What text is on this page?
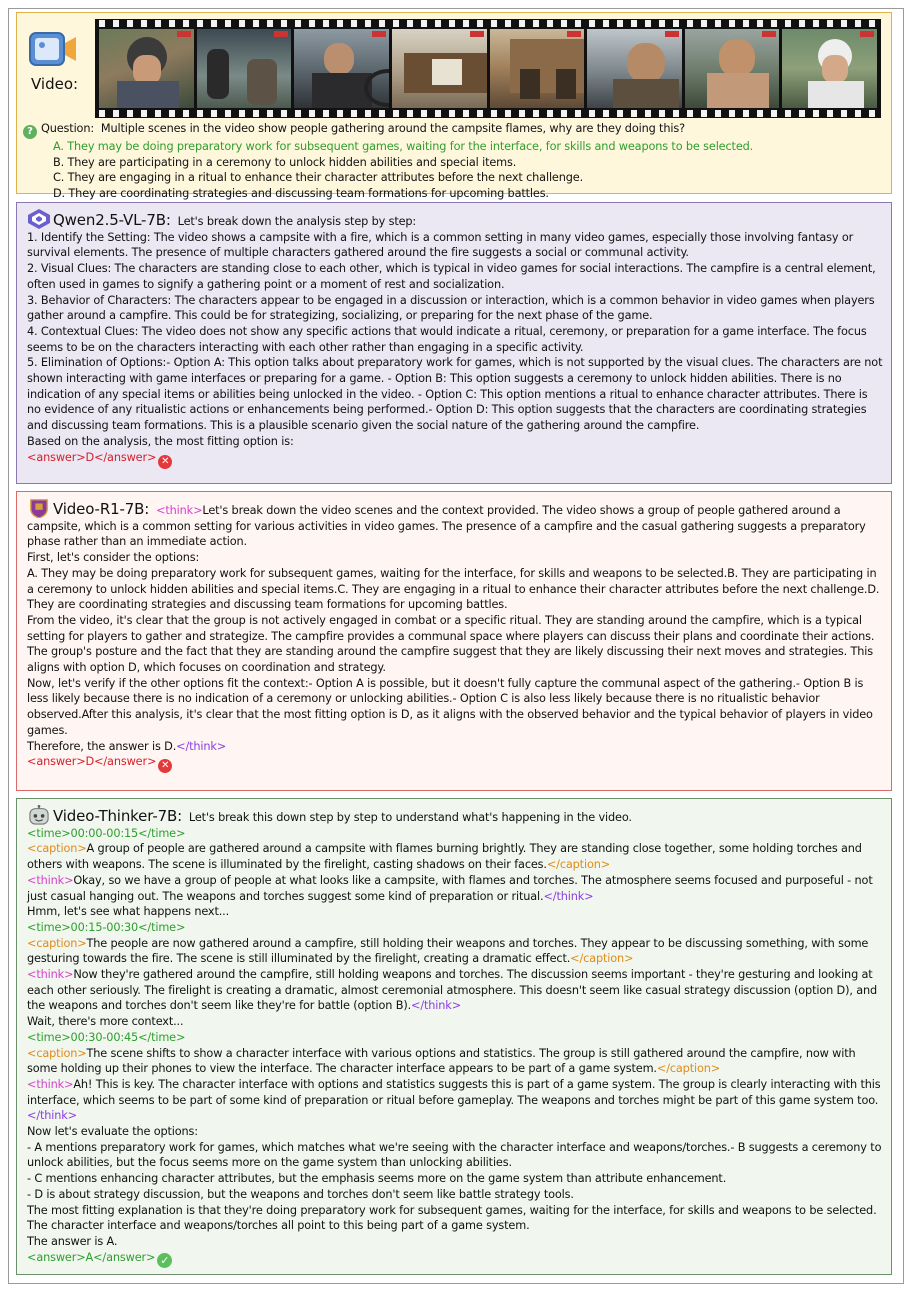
Video:
? Question: Multiple scenes in the video show people gathering around the campsite flames, why are they doing this?
A. They may be doing preparatory work for subsequent games, waiting for the interface, for skills and weapons to be selected.
B. They are participating in a ceremony to unlock hidden abilities and special items.
C. They are engaging in a ritual to enhance their character attributes before the next challenge.
D. They are coordinating strategies and discussing team formations for upcoming battles.
Qwen2.5-VL-7B: Let's break down the analysis step by step:
1. Identify the Setting: The video shows a campsite with a fire, which is a common setting in many video games, especially those involving fantasy or survival elements. The presence of multiple characters gathered around the fire suggests a social or communal activity.
2. Visual Clues: The characters are standing close to each other, which is typical in video games for social interactions. The campfire is a central element, often used in games to signify a gathering point or a moment of rest and socialization.
3. Behavior of Characters: The characters appear to be engaged in a discussion or interaction, which is a common behavior in video games when players gather around a campfire. This could be for strategizing, socializing, or preparing for the next phase of the game.
4. Contextual Clues: The video does not show any specific actions that would indicate a ritual, ceremony, or preparation for a game interface. The focus seems to be on the characters interacting with each other rather than engaging in a specific activity.
5. Elimination of Options:- Option A: This option talks about preparatory work for games, which is not supported by the visual clues. The characters are not shown interacting with game interfaces or preparing for a game. - Option B: This option suggests a ceremony to unlock hidden abilities. There is no indication of any special items or abilities being unlocked in the video. - Option C: This option mentions a ritual to enhance character attributes. There is no evidence of any ritualistic actions or enhancements being performed.- Option D: This option suggests that the characters are coordinating strategies and discussing team formations. This is a plausible scenario given the social nature of the gathering around the campfire.
Based on the analysis, the most fitting option is:
<answer>D</answer> ✕
Video-R1-7B: <think>Let's break down the video scenes and the context provided. The video shows a group of people gathered around a campsite, which is a common setting for various activities in video games. The presence of a campfire and the casual gathering suggests a preparatory phase rather than an immediate action.
First, let's consider the options:
A. They may be doing preparatory work for subsequent games, waiting for the interface, for skills and weapons to be selected.B. They are participating in a ceremony to unlock hidden abilities and special items.C. They are engaging in a ritual to enhance their character attributes before the next challenge.D. They are coordinating strategies and discussing team formations for upcoming battles.
From the video, it's clear that the group is not actively engaged in combat or a specific ritual. They are standing around the campfire, which is a typical setting for players to gather and strategize. The campfire provides a communal space where players can discuss their plans and coordinate their actions.
The group's posture and the fact that they are standing around the campfire suggest that they are likely discussing their next moves and strategies. This aligns with option D, which focuses on coordination and strategy.
Now, let's verify if the other options fit the context:- Option A is possible, but it doesn't fully capture the communal aspect of the gathering.- Option B is less likely because there is no indication of a ceremony or unlocking abilities.- Option C is also less likely because there is no ritualistic behavior observed.After this analysis, it's clear that the most fitting option is D, as it aligns with the observed behavior and the typical behavior of players in video games.
Therefore, the answer is D.</think>
<answer>D</answer> ✕
Video-Thinker-7B: Let's break this down step by step to understand what's happening in the video.
<time>00:00-00:15</time>
<caption>A group of people are gathered around a campsite with flames burning brightly. They are standing close together, some holding torches and others with weapons. The scene is illuminated by the firelight, casting shadows on their faces.</caption>
<think>Okay, so we have a group of people at what looks like a campsite, with flames and torches. The atmosphere seems focused and purposeful - not just casual hanging out. The weapons and torches suggest some kind of preparation or ritual.</think>
Hmm, let's see what happens next...
<time>00:15-00:30</time>
<caption>The people are now gathered around a campfire, still holding their weapons and torches. They appear to be discussing something, with some gesturing towards the fire. The scene is still illuminated by the firelight, creating a dramatic effect.</caption>
<think>Now they're gathered around the campfire, still holding weapons and torches. The discussion seems important - they're gesturing and looking at each other seriously. The firelight is creating a dramatic, almost ceremonial atmosphere. This doesn't seem like casual strategy discussion (option D), and the weapons and torches don't seem like they're for battle (option B).</think>
Wait, there's more context...
<time>00:30-00:45</time>
<caption>The scene shifts to show a character interface with various options and statistics. The group is still gathered around the campfire, now with some holding up their phones to view the interface. The character interface appears to be part of a game system.</caption>
<think>Ah! This is key. The character interface with options and statistics suggests this is part of a game system. The group is clearly interacting with this interface, which seems to be part of some kind of preparation or ritual before gameplay. The weapons and torches might be part of this game system too.</think>
Now let's evaluate the options:
- A mentions preparatory work for games, which matches what we're seeing with the character interface and weapons/torches.- B suggests a ceremony to unlock abilities, but the focus seems more on the game system than unlocking abilities.
- C mentions enhancing character attributes, but the emphasis seems more on the game system than attribute enhancement.
- D is about strategy discussion, but the weapons and torches don't seem like battle strategy tools.
The most fitting explanation is that they're doing preparatory work for subsequent games, waiting for the interface, for skills and weapons to be selected. The character interface and weapons/torches all point to this being part of a game system.
The answer is A.
<answer>A</answer> ✓
